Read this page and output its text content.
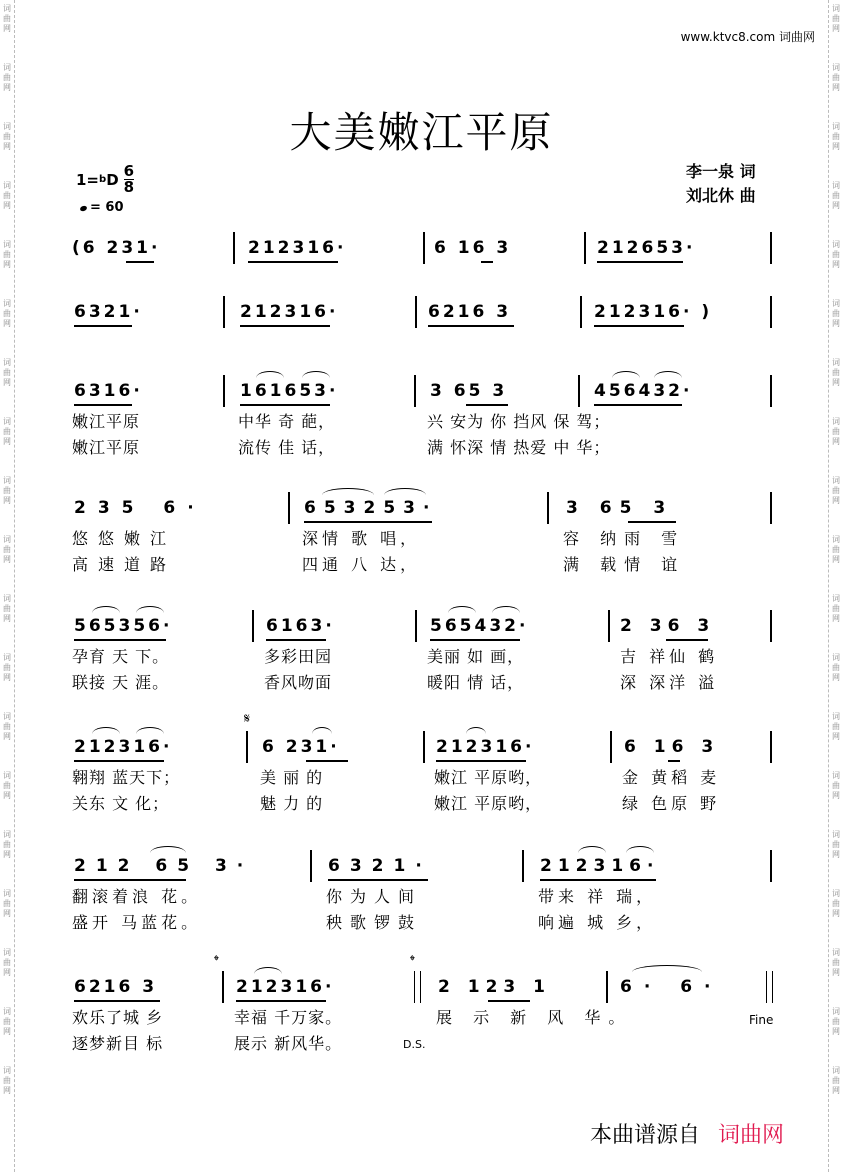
词
曲
网
词
曲
网
词
曲
网
词
曲
网
词
曲
网
词
曲
网
词
曲
网
词
曲
网
词
曲
网
词
曲
网
词
曲
网
词
曲
网
词
曲
网
词
曲
网
词
曲
网
词
曲
网
词
曲
网
词
曲
网
词
曲
网
词
曲
网
词
曲
网
词
曲
网
词
曲
网
词
曲
网
词
曲
网
词
曲
网
词
曲
网
词
曲
网
词
曲
网
词
曲
网
词
曲
网
词
曲
网
词
曲
网
词
曲
网
词
曲
网
词
曲
网
词
曲
网
词
曲
网
www.ktvc8.com 词曲网
大美嫩江平原
1= b D $\frac{6}{8}$
= 60
李一泉 词
刘北休 曲
(6 231·	212316·	6 16 3	212653·
6321·	212316·	6216 3	212316· )
6316·	161653·	3 65 3	456432·
嫩江平原	中华 奇 葩，	兴 安为 你 挡风 保 驾；
嫩江平原	流传 佳 话，	满 怀深 情 热爱 中 华；
235 6·	653253·	3 65 3
悠悠嫩江	深情 歌 唱，	容 纳雨 雪
高速道路	四通 八 达，	满 载情 谊
565356·	6163·	565432·	2 36 3
孕育 天 下。	多彩田园	美丽 如 画，	吉 祥仙 鹤
联接 天 涯。	香风吻面	暖阳 情 话，	深 深洋 溢
𝄋
212316·	6 231·	212316·	6 16 3
翱翔 蓝天下；	美 丽 的	嫩江 平原哟，	金 黄稻 麦
关东 文 化；	魅 力 的	嫩江 平原哟，	绿 色原 野
212 65 3·	6321·	212316·
翻滚着浪 花。	你为人间	带来 祥 瑞，
盛开 马蓝花。	秧歌锣鼓	响遍 城 乡，
𝄌	𝄌
6216 3	212316·	2 123 1	6· 6·
欢乐了城 乡	幸福 千万家。	展 示 新 风 华。
逐梦新目 标	展示 新风华。
Fine
D.S.
本曲谱源自 词曲网
